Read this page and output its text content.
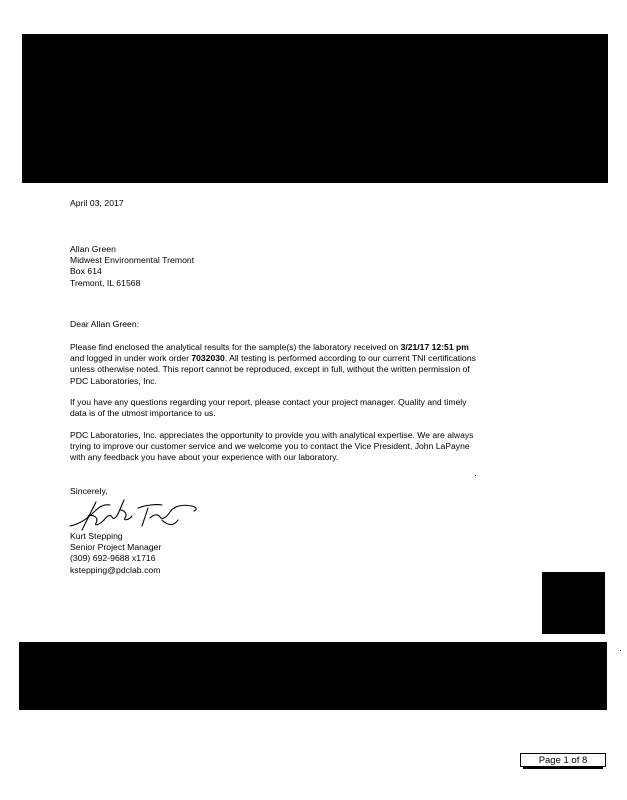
April 03, 2017
Allan Green
Midwest Environmental Tremont
Box 614
Tremont, IL 61568
Dear Allan Green:
Please find enclosed the analytical results for the sample(s) the laboratory received on 3/21/17 12:51 pm
and logged in under work order 7032030. All testing is performed according to our current TNI certifications
unless otherwise noted. This report cannot be reproduced, except in full, without the written permission of
PDC Laboratories, Inc.
If you have any questions regarding your report, please contact your project manager. Quality and timely
data is of the utmost importance to us.
PDC Laboratories, Inc. appreciates the opportunity to provide you with analytical expertise. We are always
trying to improve our customer service and we welcome you to contact the Vice President, John LaPayne
with any feedback you have about your experience with our laboratory.
Sincerely,
Kurt Stepping
Senior Project Manager
(309) 692-9688 x1716
kstepping@pdclab.com
Page 1 of 8
